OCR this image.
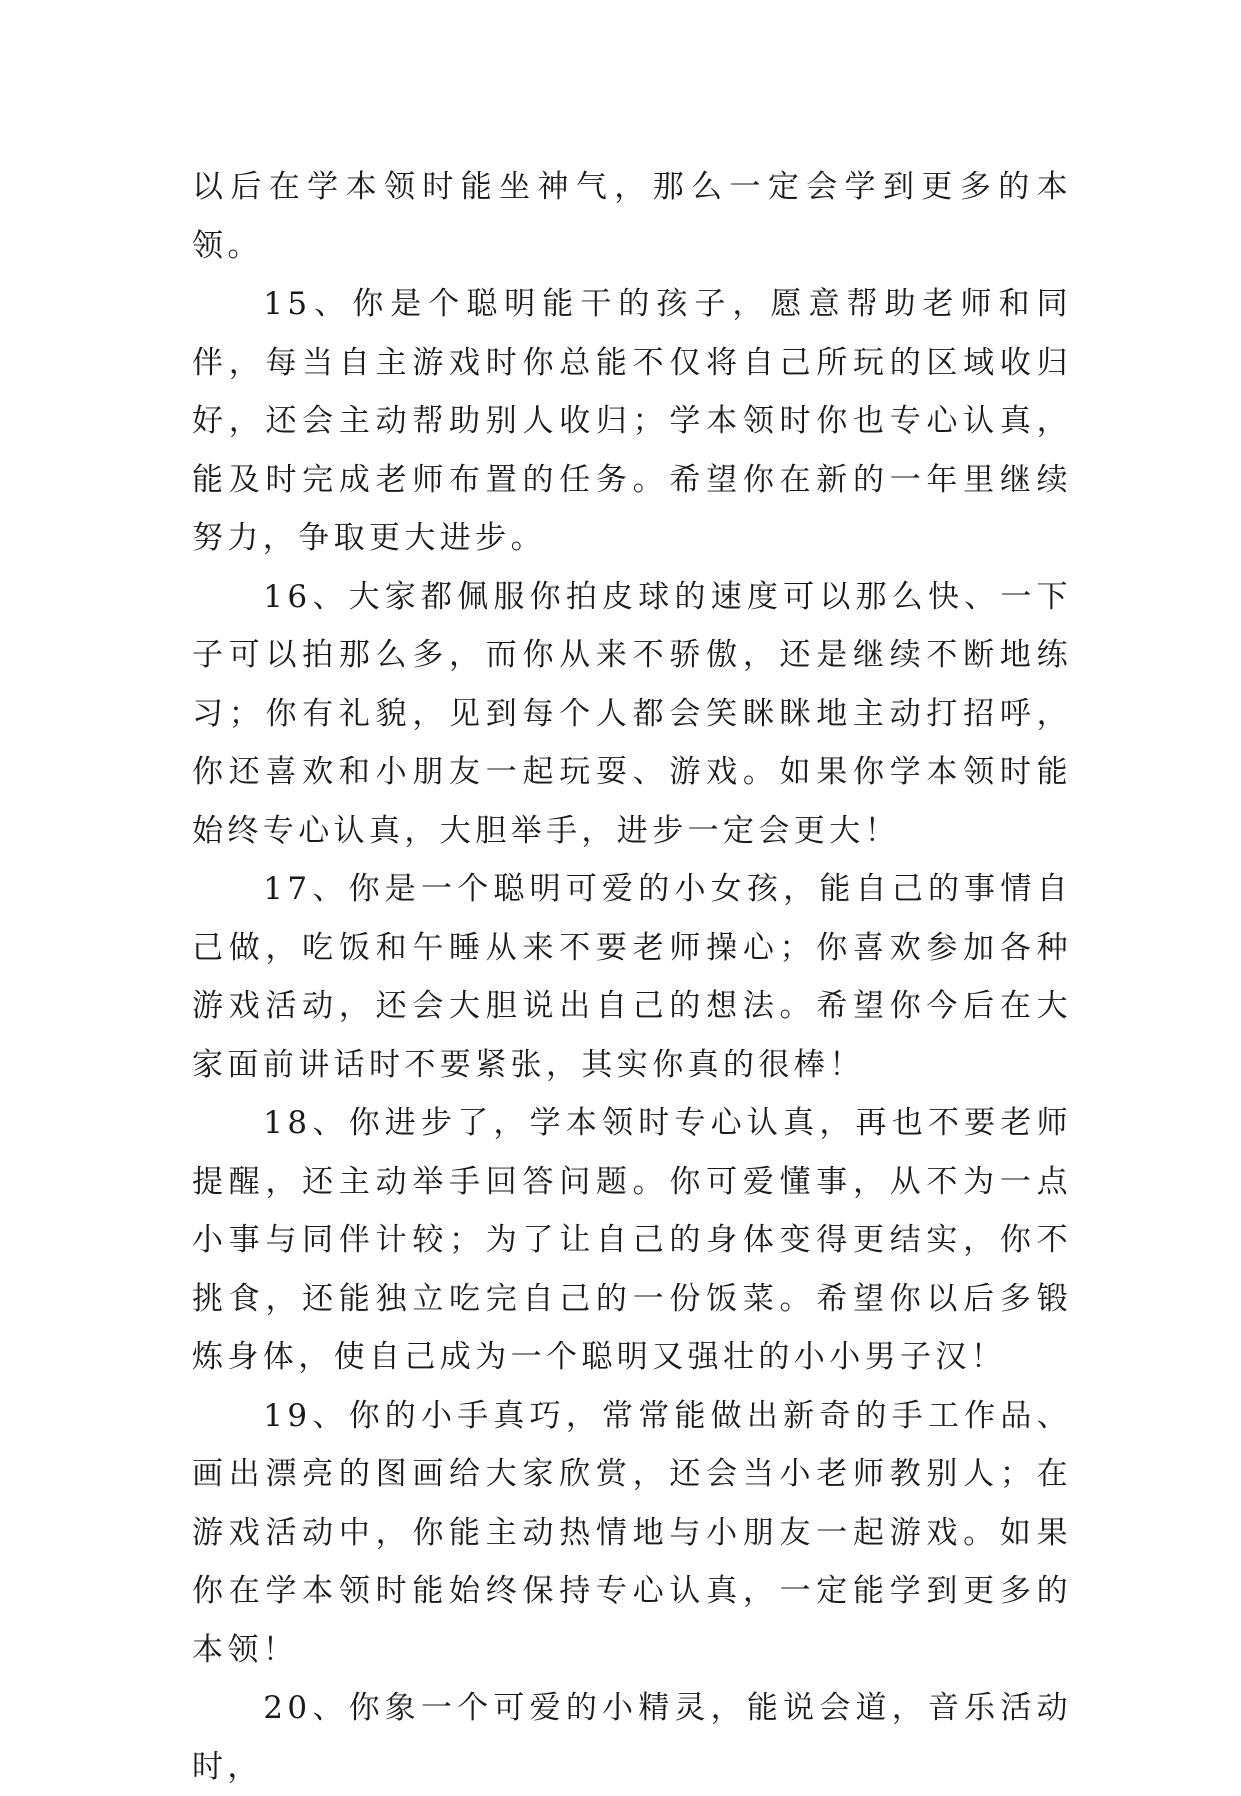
以后在学本领时能坐神气，那么一定会学到更多的本领。

15、你是个聪明能干的孩子，愿意帮助老师和同伴，每当自主游戏时你总能不仅将自己所玩的区域收归好，还会主动帮助别人收归；学本领时你也专心认真，能及时完成老师布置的任务。希望你在新的一年里继续努力，争取更大进步。

16、大家都佩服你拍皮球的速度可以那么快、一下子可以拍那么多，而你从来不骄傲，还是继续不断地练习；你有礼貌，见到每个人都会笑眯眯地主动打招呼，你还喜欢和小朋友一起玩耍、游戏。如果你学本领时能始终专心认真，大胆举手，进步一定会更大！

17、你是一个聪明可爱的小女孩，能自己的事情自己做，吃饭和午睡从来不要老师操心；你喜欢参加各种游戏活动，还会大胆说出自己的想法。希望你今后在大家面前讲话时不要紧张，其实你真的很棒！

18、你进步了，学本领时专心认真，再也不要老师提醒，还主动举手回答问题。你可爱懂事，从不为一点小事与同伴计较；为了让自己的身体变得更结实，你不挑食，还能独立吃完自己的一份饭菜。希望你以后多锻炼身体，使自己成为一个聪明又强壮的小小男子汉！

19、你的小手真巧，常常能做出新奇的手工作品、画出漂亮的图画给大家欣赏，还会当小老师教别人；在游戏活动中，你能主动热情地与小朋友一起游戏。如果你在学本领时能始终保持专心认真，一定能学到更多的本领！

20、你象一个可爱的小精灵，能说会道，音乐活动时，
